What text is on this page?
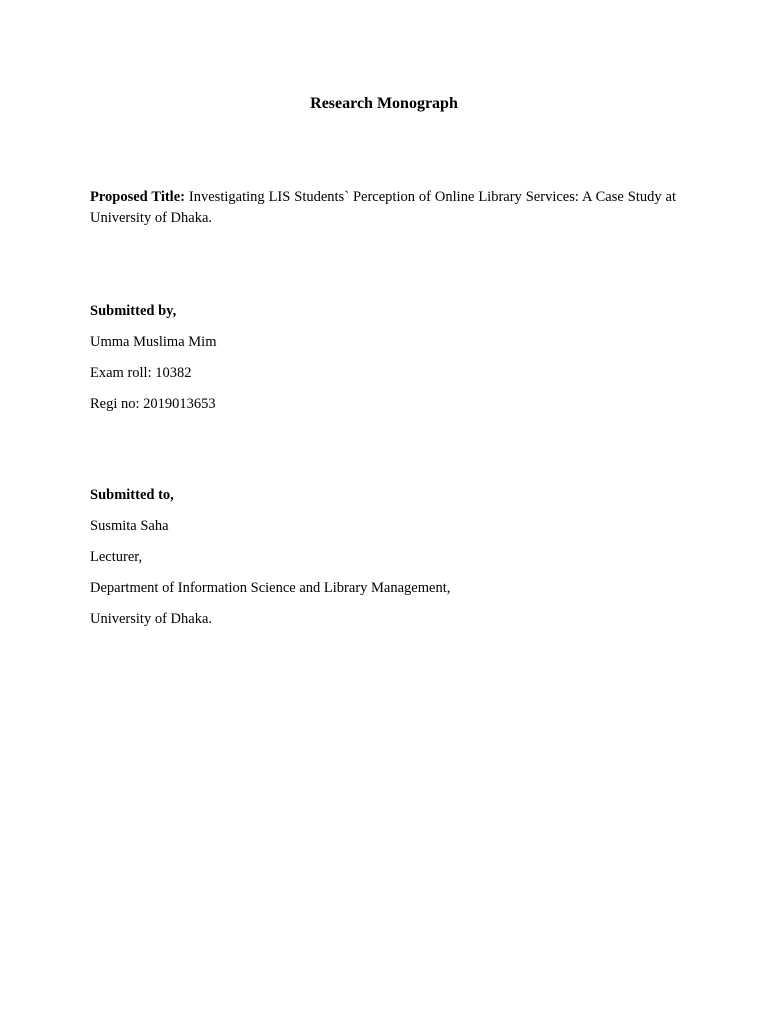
Research Monograph
Proposed Title: Investigating LIS Students` Perception of Online Library Services: A Case Study at University of Dhaka.
Submitted by,
Umma Muslima Mim
Exam roll: 10382
Regi no: 2019013653
Submitted to,
Susmita Saha
Lecturer,
Department of Information Science and Library Management,
University of Dhaka.
